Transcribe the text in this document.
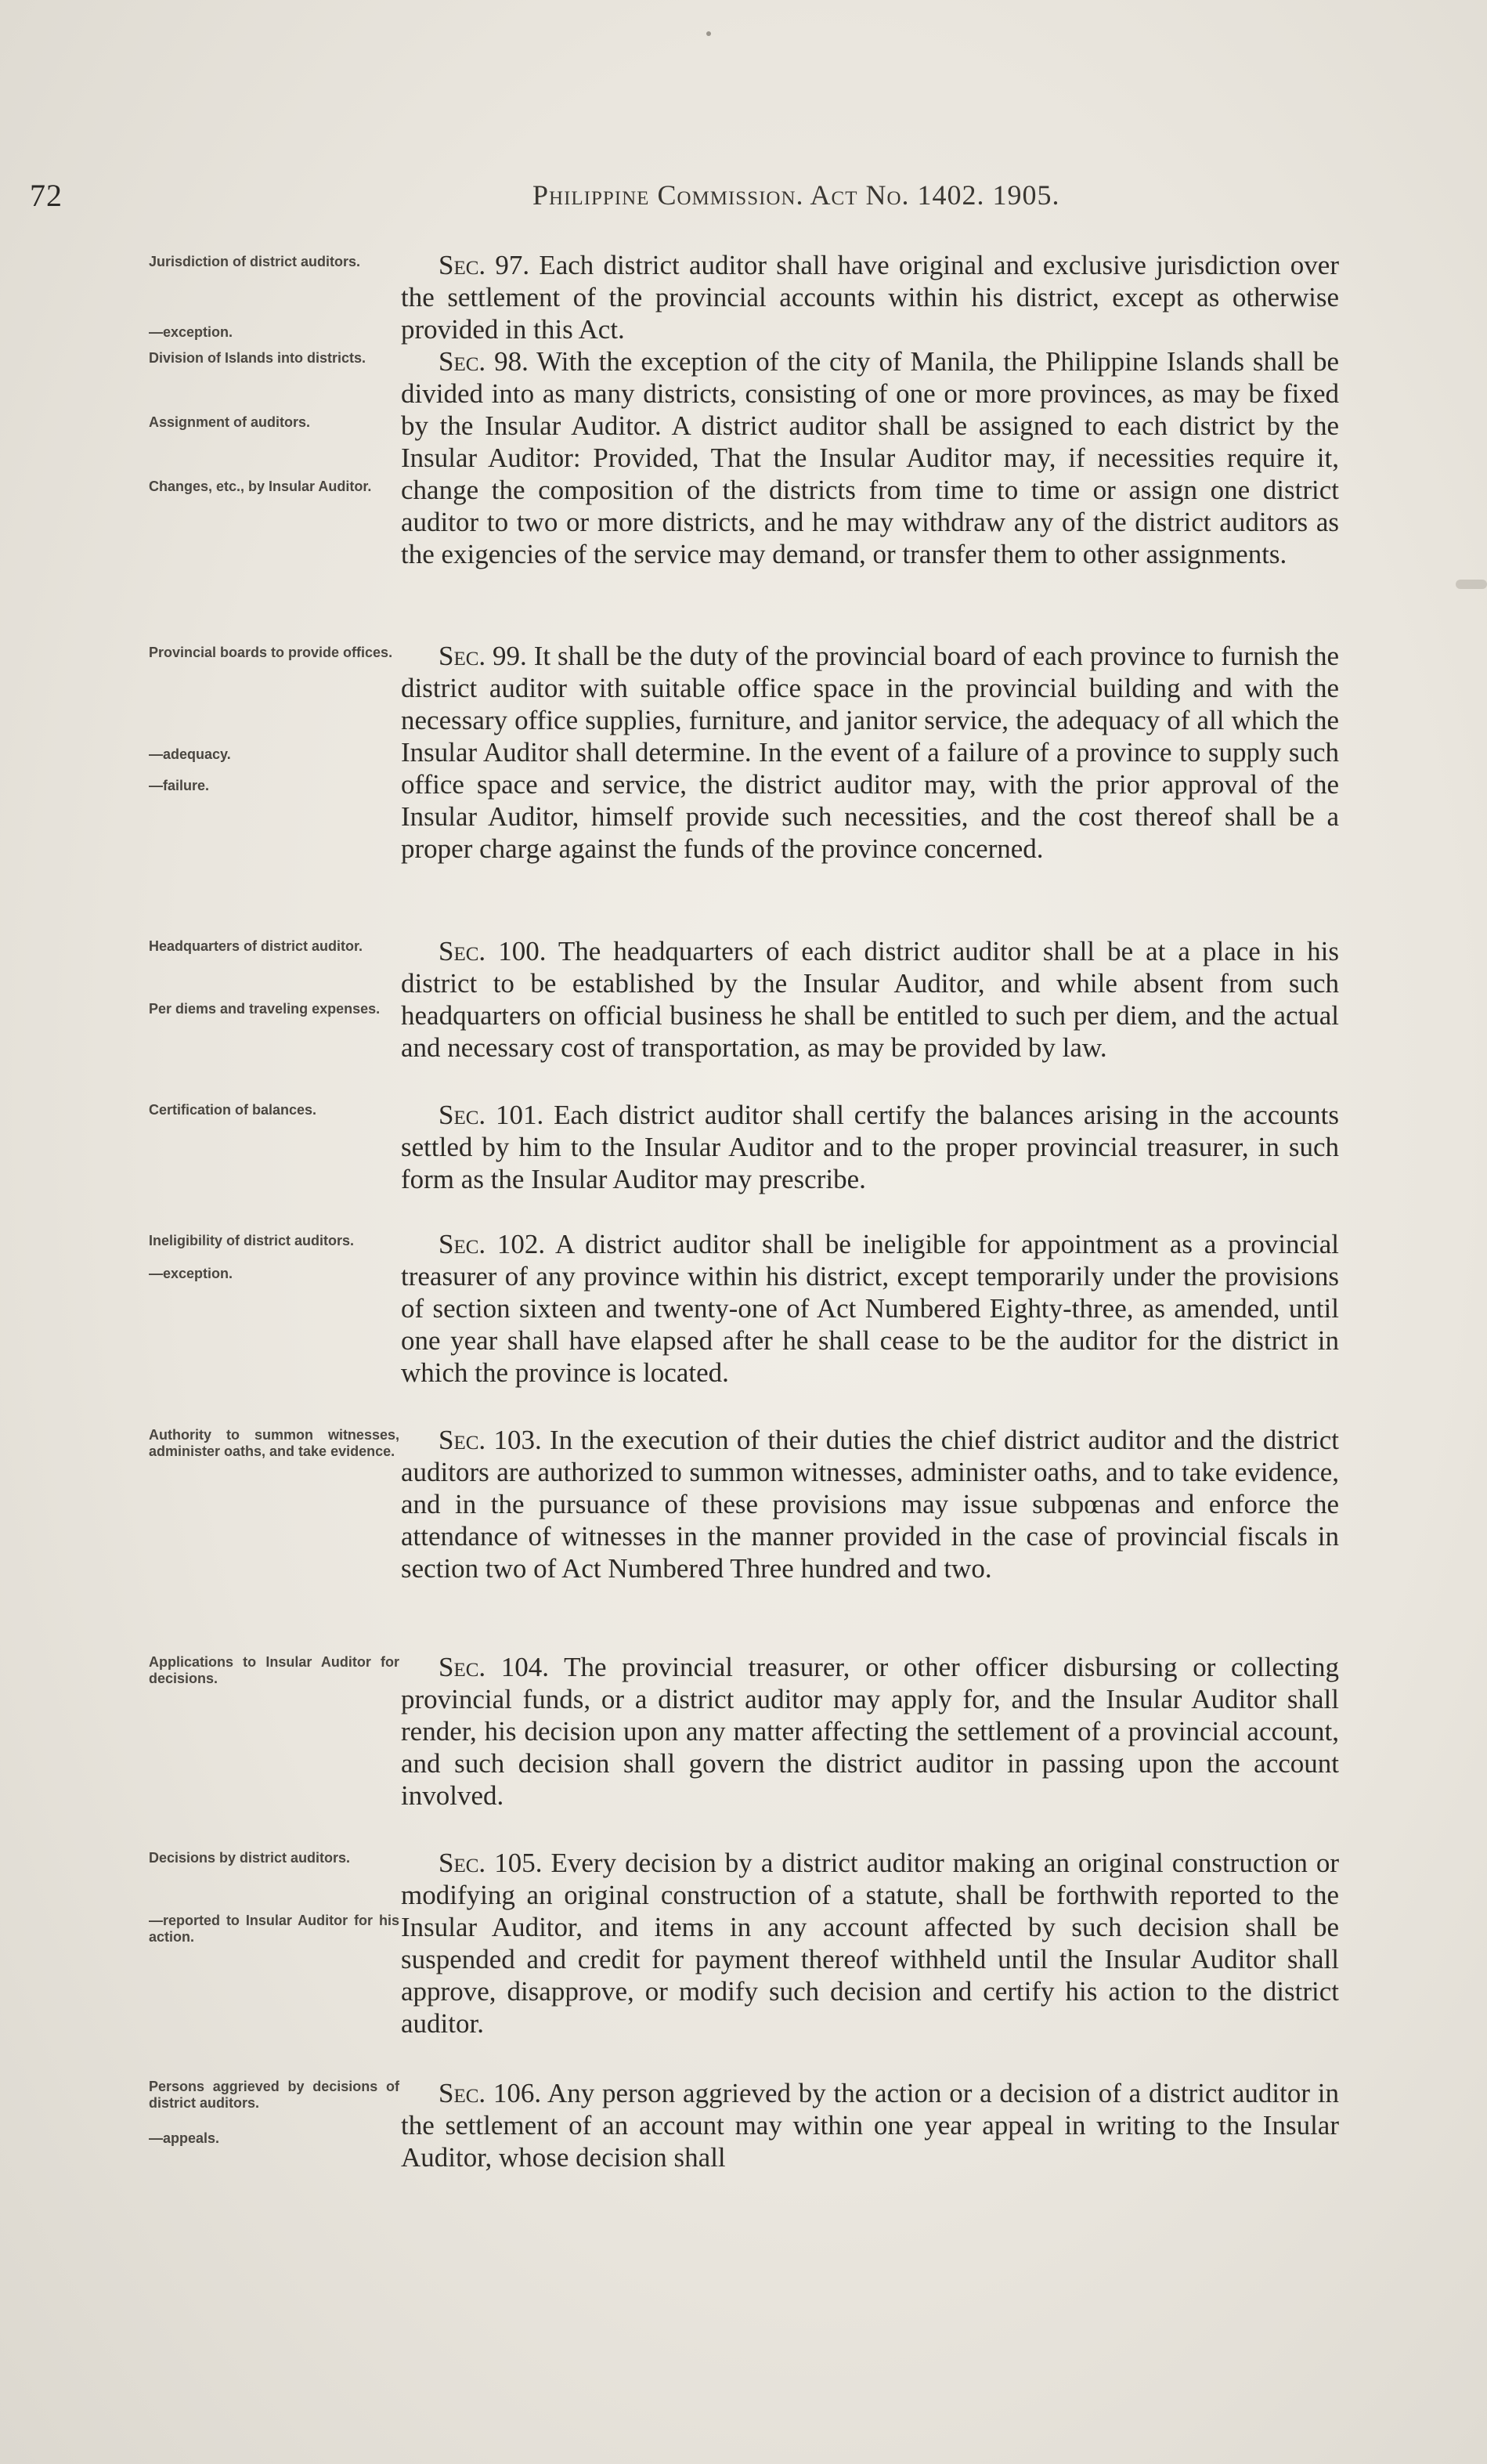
72	Philippine Commission. Act No. 1402. 1905.
Jurisdiction of district auditors.
—exception.

Sec. 97. Each district auditor shall have original and exclusive jurisdiction over the settlement of the provincial accounts within his district, except as otherwise provided in this Act.

Division of Islands into districts.
Assignment of auditors.
Changes, etc., by Insular Auditor.

Sec. 98. With the exception of the city of Manila, the Philippine Islands shall be divided into as many districts, consisting of one or more provinces, as may be fixed by the Insular Auditor. A district auditor shall be assigned to each district by the Insular Auditor: Provided, That the Insular Auditor may, if necessities require it, change the composition of the districts from time to time or assign one district auditor to two or more districts, and he may withdraw any of the district auditors as the exigencies of the service may demand, or transfer them to other assignments.

Provincial boards to provide offices.
—adequacy.
—failure.

Sec. 99. It shall be the duty of the provincial board of each province to furnish the district auditor with suitable office space in the provincial building and with the necessary office supplies, furniture, and janitor service, the adequacy of all which the Insular Auditor shall determine. In the event of a failure of a province to supply such office space and service, the district auditor may, with the prior approval of the Insular Auditor, himself provide such necessities, and the cost thereof shall be a proper charge against the funds of the province concerned.

Headquarters of district auditor.
Per diems and traveling expenses.

Sec. 100. The headquarters of each district auditor shall be at a place in his district to be established by the Insular Auditor, and while absent from such headquarters on official business he shall be entitled to such per diem, and the actual and necessary cost of transportation, as may be provided by law.

Certification of balances.	Sec. 101. Each district auditor shall certify the balances arising in the accounts settled by him to the Insular Auditor and to the proper provincial treasurer, in such form as the Insular Auditor may prescribe.

Ineligibility of district auditors.
—exception.

Sec. 102. A district auditor shall be ineligible for appointment as a provincial treasurer of any province within his district, except temporarily under the provisions of section sixteen and twenty-one of Act Numbered Eighty-three, as amended, until one year shall have elapsed after he shall cease to be the auditor for the district in which the province is located.

Authority to summon witnesses, administer oaths, and take evidence.	Sec. 103. In the execution of their duties the chief district auditor and the district auditors are authorized to summon witnesses, administer oaths, and to take evidence, and in the pursuance of these provisions may issue subpœnas and enforce the attendance of witnesses in the manner provided in the case of provincial fiscals in section two of Act Numbered Three hundred and two.

Applications to Insular Auditor for decisions.	Sec. 104. The provincial treasurer, or other officer disbursing or collecting provincial funds, or a district auditor may apply for, and the Insular Auditor shall render, his decision upon any matter affecting the settlement of a provincial account, and such decision shall govern the district auditor in passing upon the account involved.

Decisions by district auditors.
—reported to Insular Auditor for his action.

Sec. 105. Every decision by a district auditor making an original construction or modifying an original construction of a statute, shall be forthwith reported to the Insular Auditor, and items in any account affected by such decision shall be suspended and credit for payment thereof withheld until the Insular Auditor shall approve, disapprove, or modify such decision and certify his action to the district auditor.

Persons aggrieved by decisions of district auditors.
—appeals.

Sec. 106. Any person aggrieved by the action or a decision of a district auditor in the settlement of an account may within one year appeal in writing to the Insular Auditor, whose decision shall
